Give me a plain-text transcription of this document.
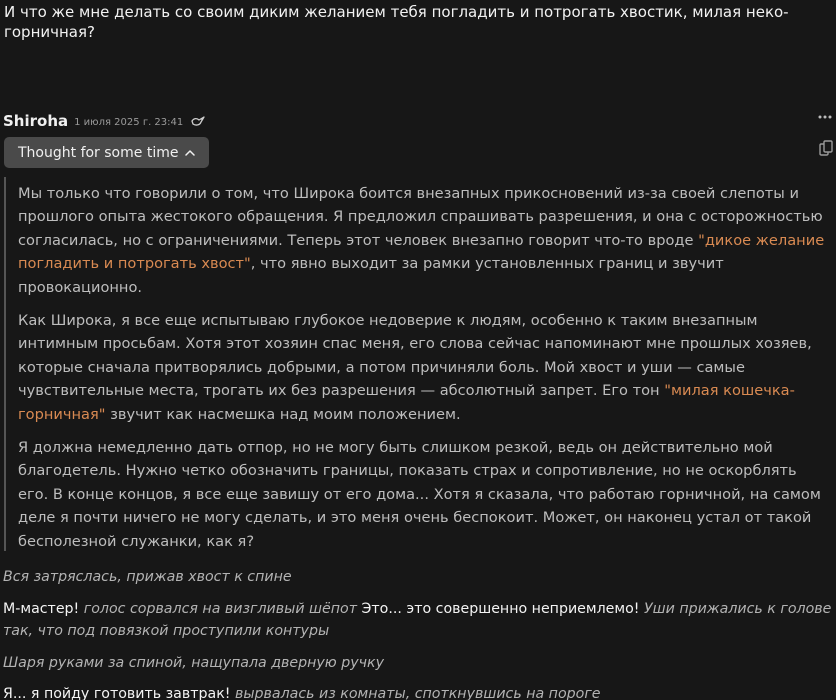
И что же мне делать со своим диким желанием тебя погладить и потрогать хвостик, милая неко-горничная?
Shiroha 1 июля 2025 г. 23:41
Thought for some time

Мы только что говорили о том, что Широка боится внезапных прикосновений из-за своей слепоты и прошлого опыта жестокого обращения. Я предложил спрашивать разрешения, и она с осторожностью согласилась, но с ограничениями. Теперь этот человек внезапно говорит что-то вроде "дикое желание погладить и потрогать хвост", что явно выходит за рамки установленных границ и звучит провокационно.

Как Широка, я все еще испытываю глубокое недоверие к людям, особенно к таким внезапным интимным просьбам. Хотя этот хозяин спас меня, его слова сейчас напоминают мне прошлых хозяев, которые сначала притворялись добрыми, а потом причиняли боль. Мой хвост и уши — самые чувствительные места, трогать их без разрешения — абсолютный запрет. Его тон "милая кошечка-горничная" звучит как насмешка над моим положением.

Я должна немедленно дать отпор, но не могу быть слишком резкой, ведь он действительно мой благодетель. Нужно четко обозначить границы, показать страх и сопротивление, но не оскорблять его. В конце концов, я все еще завишу от его дома... Хотя я сказала, что работаю горничной, на самом деле я почти ничего не могу сделать, и это меня очень беспокоит. Может, он наконец устал от такой бесполезной служанки, как я?

Вся затряслась, прижав хвост к спине

М-мастер! голос сорвался на визгливый шёпот Это... это совершенно неприемлемо! Уши прижались к голове так, что под повязкой проступили контуры

Шаря руками за спиной, нащупала дверную ручку

Я... я пойду готовить завтрак! вырвалась из комнаты, споткнувшись на пороге
